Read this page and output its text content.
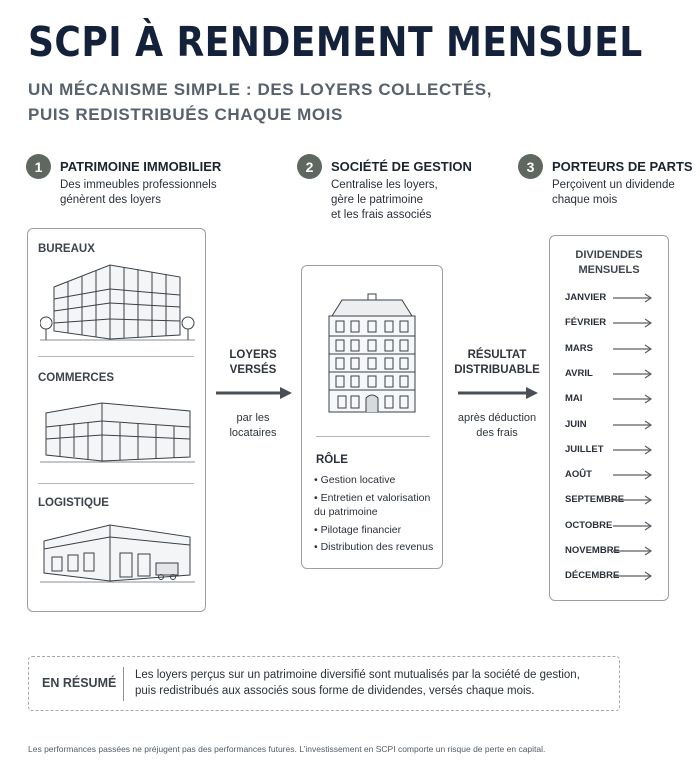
SCPI À RENDEMENT MENSUEL
UN MÉCANISME SIMPLE : DES LOYERS COLLECTÉS,
PUIS REDISTRIBUÉS CHAQUE MOIS
1	PATRIMOINE IMMOBILIER
Des immeubles professionnels
génèrent des loyers
2	SOCIÉTÉ DE GESTION
Centralise les loyers,
gère le patrimoine
et les frais associés
3	PORTEURS DE PARTS
Perçoivent un dividende
chaque mois
BUREAUX
COMMERCES
LOGISTIQUE
LOYERS
VERSÉS
par les
locataires
RÔLE
• Gestion locative
• Entretien et valorisation
du patrimoine
• Pilotage financier
• Distribution des revenus
RÉSULTAT
DISTRIBUABLE
après déduction
des frais
DIVIDENDES
MENSUELS
JANVIER
FÉVRIER
MARS
AVRIL
MAI
JUIN
JUILLET
AOÛT
SEPTEMBRE
OCTOBRE
NOVEMBRE
DÉCEMBRE
EN RÉSUMÉ
Les loyers perçus sur un patrimoine diversifié sont mutualisés par la société de gestion,
puis redistribués aux associés sous forme de dividendes, versés chaque mois.
Les performances passées ne préjugent pas des performances futures. L’investissement en SCPI comporte un risque de perte en capital.
